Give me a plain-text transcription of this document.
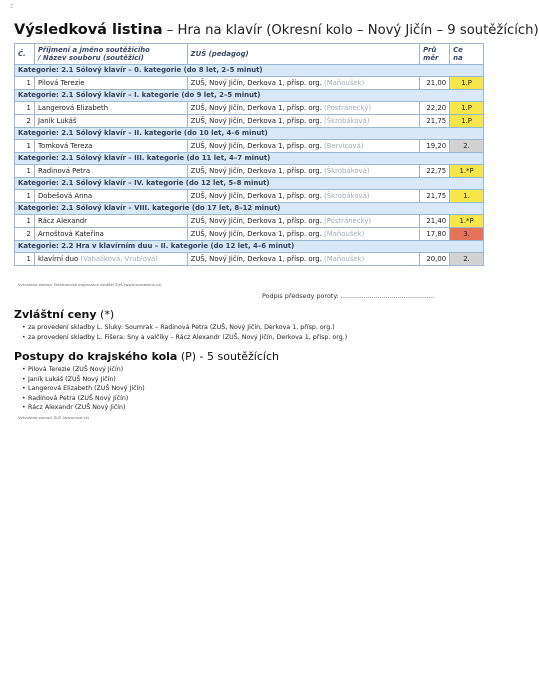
Ž
Výsledková listina – Hra na klavír (Okresní kolo – Nový Jičín – 9 soutěžících)
Č.	Příjmení a jméno soutěžícího
/ Název souboru (soutěžící)	ZUŠ (pedagog)	Prů
měr	Ce
na
Kategorie: 2.1 Sólový klavír – 0. kategorie (do 8 let, 2–5 minut)				
1	Pilová Terezie	ZUŠ, Nový Jičín, Derkova 1, přísp. org. (Maňoušek)	21,00	1.P
Kategorie: 2.1 Sólový klavír – I. kategorie (do 9 let, 2–5 minut)				
1	Langerová Elizabeth	ZUŠ, Nový Jičín, Derkova 1, přísp. org. (Postránecký)	22,20	1.P
2	Janík Lukáš	ZUŠ, Nový Jičín, Derkova 1, přísp. org. (Škrobáková)	21,75	1.P
Kategorie: 2.1 Sólový klavír – II. kategorie (do 10 let, 4–6 minut)				
1	Tomková Tereza	ZUŠ, Nový Jičín, Derkova 1, přísp. org. (Bervicová)	19,20	2.
Kategorie: 2.1 Sólový klavír – III. kategorie (do 11 let, 4–7 minut)				
1	Radinová Petra	ZUŠ, Nový Jičín, Derkova 1, přísp. org. (Škrobáková)	22,75	1.*P
Kategorie: 2.1 Sólový klavír – IV. kategorie (do 12 let, 5–8 minut)				
1	Dobešová Anna	ZUŠ, Nový Jičín, Derkova 1, přísp. org. (Škrobáková)	21,75	1.
Kategorie: 2.1 Sólový klavír – VIII. kategorie (do 17 let, 8–12 minut)				
1	Rácz Alexandr	ZUŠ, Nový Jičín, Derkova 1, přísp. org. (Postránecký)	21,40	1.*P
2	Arnoštová Kateřina	ZUŠ, Nový Jičín, Derkova 1, přísp. org. (Maňoušek)	17,80	3.
Kategorie: 2.2 Hra v klavírním duu – II. kategorie (do 12 let, 4–6 minut)				
1	klavírní duo (Vahalíková, Vrublová)	ZUŠ, Nový Jičín, Derkova 1, přísp. org. (Maňoušek)	20,00	2.
Vytvořeno pomocí Elektronická organizace soutěží ZUŠ (www.souteezus.cz)
Podpis předsedy poroty: ..............................................
Zvláštní ceny (*)
• za provedení skladby L. Sluky: Soumrak – Radinová Petra (ZUŠ, Nový Jičín, Derkova 1, přísp. org.)
• za provedení skladby L. Fišera: Sny a valčíky – Rácz Alexandr (ZUŠ, Nový Jičín, Derkova 1, přísp. org.)
Postupy do krajského kola (P) - 5 soutěžících
• Pilová Terezie (ZUŠ Nový Jičín)
• Janík Lukáš (ZUŠ Nový Jičín)
• Langerová Elizabeth (ZUŠ Nový Jičín)
• Radinová Petra (ZUŠ Nový Jičín)
• Rácz Alexandr (ZUŠ Nový Jičín)
Vytvořeno pomocí ZUŠ (www.lave.cz)
